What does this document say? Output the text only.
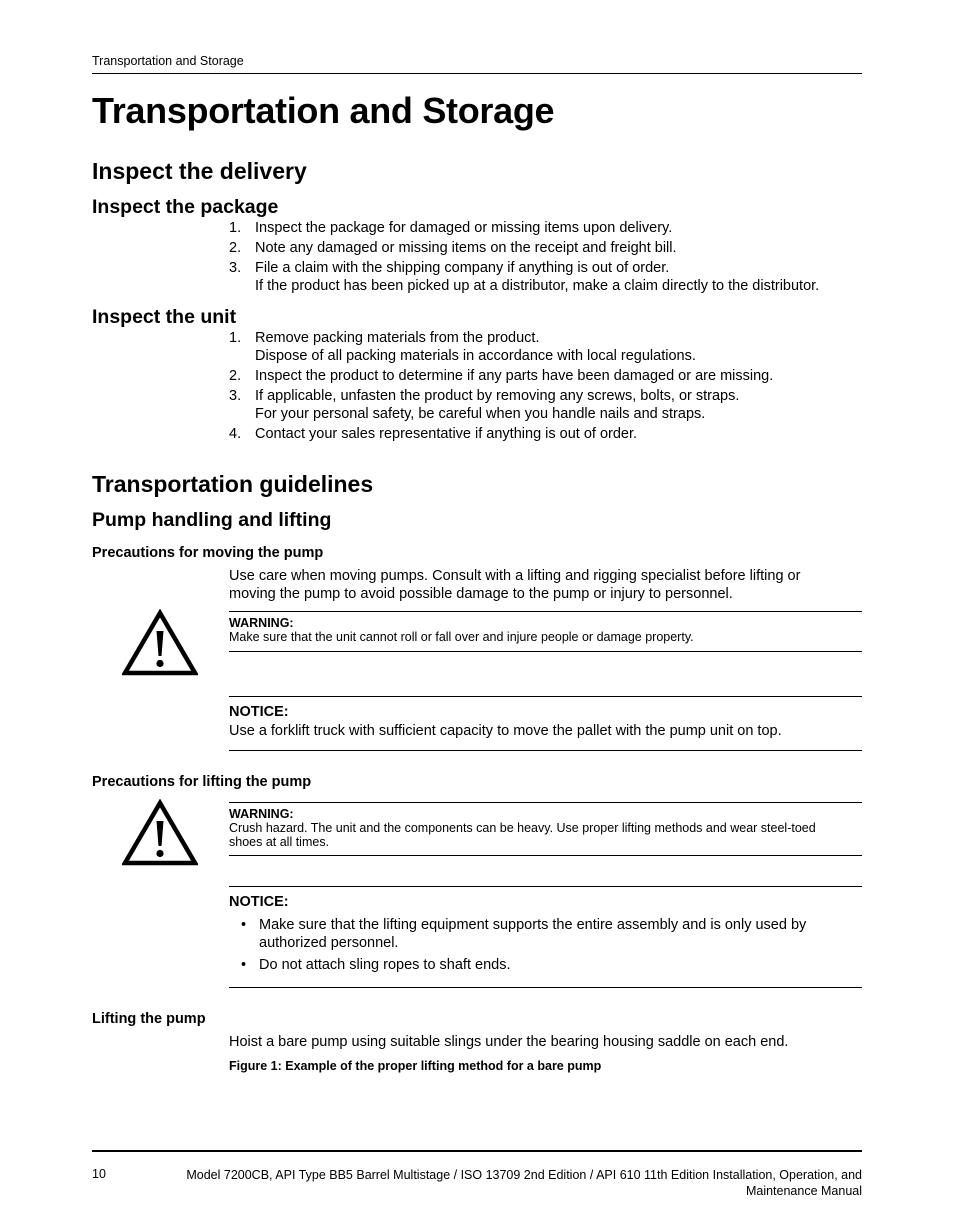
Transportation and Storage
Transportation and Storage
Inspect the delivery
Inspect the package
1. Inspect the package for damaged or missing items upon delivery.
2. Note any damaged or missing items on the receipt and freight bill.
3. File a claim with the shipping company if anything is out of order.
If the product has been picked up at a distributor, make a claim directly to the distributor.
Inspect the unit
1. Remove packing materials from the product.
Dispose of all packing materials in accordance with local regulations.
2. Inspect the product to determine if any parts have been damaged or are missing.
3. If applicable, unfasten the product by removing any screws, bolts, or straps.
For your personal safety, be careful when you handle nails and straps.
4. Contact your sales representative if anything is out of order.
Transportation guidelines
Pump handling and lifting
Precautions for moving the pump
Use care when moving pumps. Consult with a lifting and rigging specialist before lifting or moving the pump to avoid possible damage to the pump or injury to personnel.
WARNING:
Make sure that the unit cannot roll or fall over and injure people or damage property.
NOTICE:
Use a forklift truck with sufficient capacity to move the pallet with the pump unit on top.
Precautions for lifting the pump
WARNING:
Crush hazard. The unit and the components can be heavy. Use proper lifting methods and wear steel-toed shoes at all times.
NOTICE:
• Make sure that the lifting equipment supports the entire assembly and is only used by authorized personnel.
• Do not attach sling ropes to shaft ends.
Lifting the pump
Hoist a bare pump using suitable slings under the bearing housing saddle on each end.
Figure 1: Example of the proper lifting method for a bare pump
10	Model 7200CB, API Type BB5 Barrel Multistage / ISO 13709 2nd Edition / API 610 11th Edition Installation, Operation, and
Maintenance Manual
